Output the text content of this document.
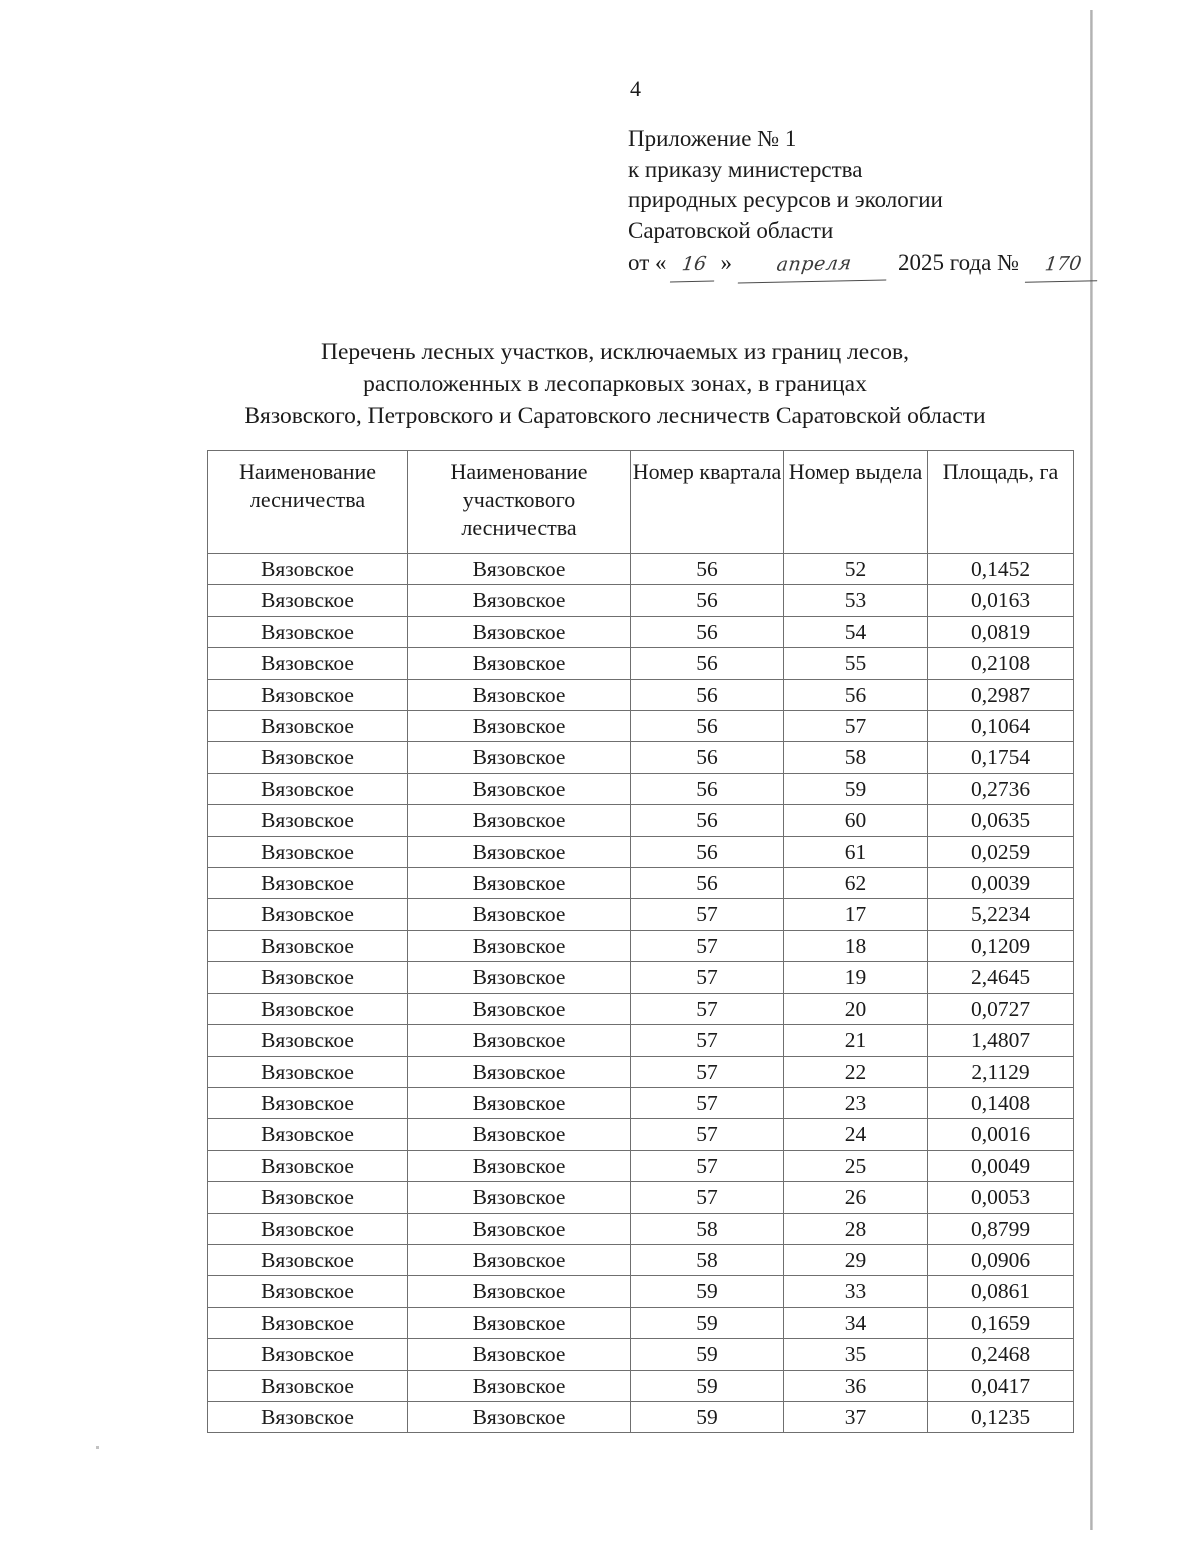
4
Приложение № 1
к приказу министерства
природных ресурсов и экологии
Саратовской области
от « 16 »	апреля	2025 года №	170
Перечень лесных участков, исключаемых из границ лесов,
расположенных в лесопарковых зонах, в границах
Вязовского, Петровского и Саратовского лесничеств Саратовской области
Наименование лесничества	Наименование участкового лесничества	Номер квартала	Номер выдела	Площадь, га
Вязовское	Вязовское	56	52	0,1452
Вязовское	Вязовское	56	53	0,0163
Вязовское	Вязовское	56	54	0,0819
Вязовское	Вязовское	56	55	0,2108
Вязовское	Вязовское	56	56	0,2987
Вязовское	Вязовское	56	57	0,1064
Вязовское	Вязовское	56	58	0,1754
Вязовское	Вязовское	56	59	0,2736
Вязовское	Вязовское	56	60	0,0635
Вязовское	Вязовское	56	61	0,0259
Вязовское	Вязовское	56	62	0,0039
Вязовское	Вязовское	57	17	5,2234
Вязовское	Вязовское	57	18	0,1209
Вязовское	Вязовское	57	19	2,4645
Вязовское	Вязовское	57	20	0,0727
Вязовское	Вязовское	57	21	1,4807
Вязовское	Вязовское	57	22	2,1129
Вязовское	Вязовское	57	23	0,1408
Вязовское	Вязовское	57	24	0,0016
Вязовское	Вязовское	57	25	0,0049
Вязовское	Вязовское	57	26	0,0053
Вязовское	Вязовское	58	28	0,8799
Вязовское	Вязовское	58	29	0,0906
Вязовское	Вязовское	59	33	0,0861
Вязовское	Вязовское	59	34	0,1659
Вязовское	Вязовское	59	35	0,2468
Вязовское	Вязовское	59	36	0,0417
Вязовское	Вязовское	59	37	0,1235
